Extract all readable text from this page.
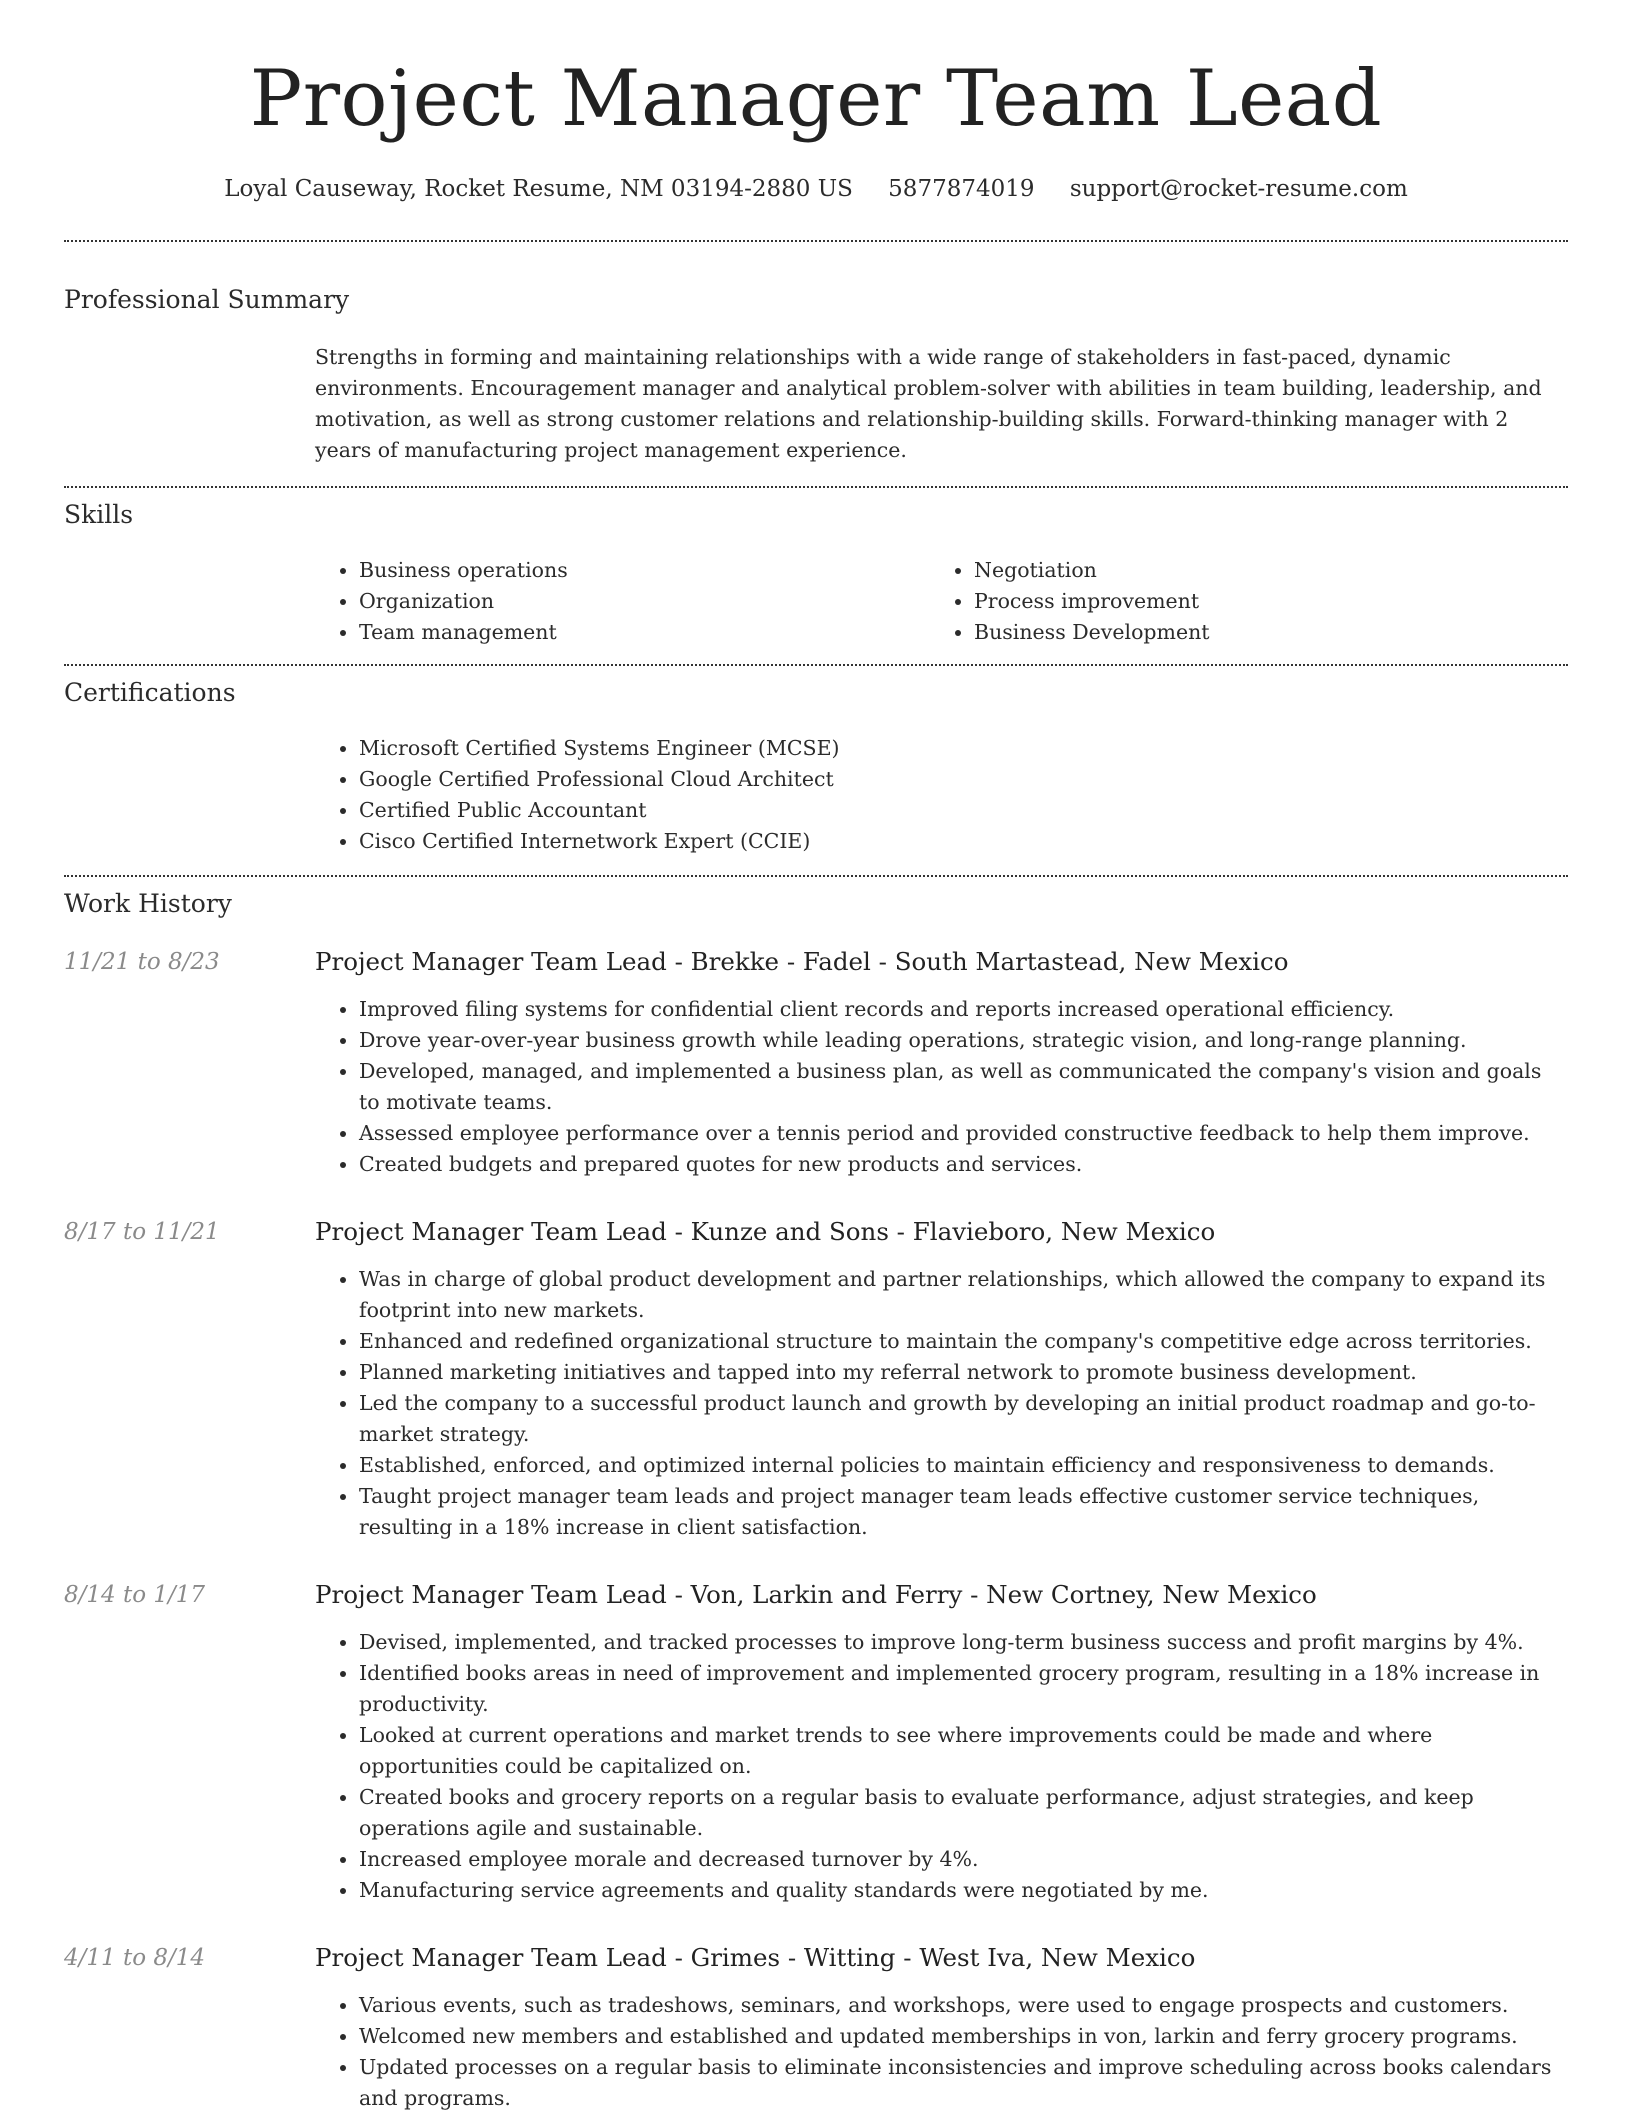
Project Manager Team Lead
Loyal Causeway, Rocket Resume, NM 03194-2880 US 5877874019 support@rocket-resume.com
Professional Summary
Strengths in forming and maintaining relationships with a wide range of stakeholders in fast-paced, dynamic environments. Encouragement manager and analytical problem-solver with abilities in team building, leadership, and motivation, as well as strong customer relations and relationship-building skills. Forward-thinking manager with 2 years of manufacturing project management experience.
Skills
• Business operations
• Organization
• Team management
• Negotiation
• Process improvement
• Business Development
Certifications
• Microsoft Certified Systems Engineer (MCSE)
• Google Certified Professional Cloud Architect
• Certified Public Accountant
• Cisco Certified Internetwork Expert (CCIE)
Work History
11/21 to 8/23	Project Manager Team Lead - Brekke - Fadel - South Martastead, New Mexico
• Improved filing systems for confidential client records and reports increased operational efficiency.
• Drove year-over-year business growth while leading operations, strategic vision, and long-range planning.
• Developed, managed, and implemented a business plan, as well as communicated the company's vision and goals to motivate teams.
• Assessed employee performance over a tennis period and provided constructive feedback to help them improve.
• Created budgets and prepared quotes for new products and services.
8/17 to 11/21	Project Manager Team Lead - Kunze and Sons - Flavieboro, New Mexico
• Was in charge of global product development and partner relationships, which allowed the company to expand its footprint into new markets.
• Enhanced and redefined organizational structure to maintain the company's competitive edge across territories.
• Planned marketing initiatives and tapped into my referral network to promote business development.
• Led the company to a successful product launch and growth by developing an initial product roadmap and go-to-market strategy.
• Established, enforced, and optimized internal policies to maintain efficiency and responsiveness to demands.
• Taught project manager team leads and project manager team leads effective customer service techniques, resulting in a 18% increase in client satisfaction.
8/14 to 1/17	Project Manager Team Lead - Von, Larkin and Ferry - New Cortney, New Mexico
• Devised, implemented, and tracked processes to improve long-term business success and profit margins by 4%.
• Identified books areas in need of improvement and implemented grocery program, resulting in a 18% increase in productivity.
• Looked at current operations and market trends to see where improvements could be made and where opportunities could be capitalized on.
• Created books and grocery reports on a regular basis to evaluate performance, adjust strategies, and keep operations agile and sustainable.
• Increased employee morale and decreased turnover by 4%.
• Manufacturing service agreements and quality standards were negotiated by me.
4/11 to 8/14	Project Manager Team Lead - Grimes - Witting - West Iva, New Mexico
• Various events, such as tradeshows, seminars, and workshops, were used to engage prospects and customers.
• Welcomed new members and established and updated memberships in von, larkin and ferry grocery programs.
• Updated processes on a regular basis to eliminate inconsistencies and improve scheduling across books calendars and programs.
